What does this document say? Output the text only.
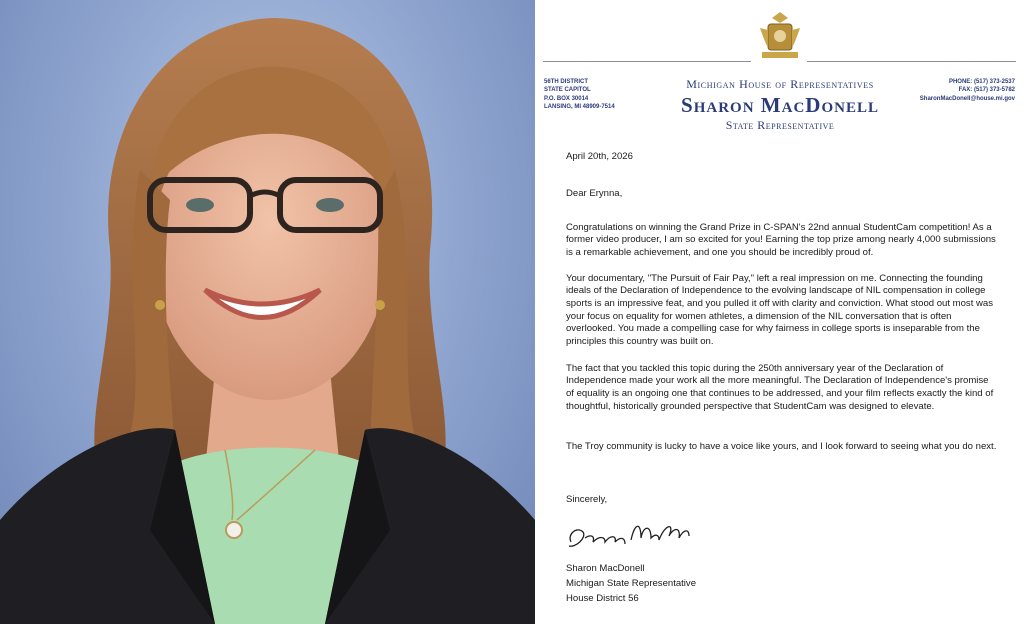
56TH DISTRICT
STATE CAPITOL
P.O. BOX 30014
LANSING, MI 48909-7514
PHONE: (517) 373-2537
FAX: (517) 373-5782
SharonMacDonell@house.mi.gov
Michigan House of Representatives
Sharon MacDonell
State Representative
April 20th, 2026
Dear Erynna,

Congratulations on winning the Grand Prize in C-SPAN's 22nd annual StudentCam competition! As a former video producer, I am so excited for you! Earning the top prize among nearly 4,000 submissions is a remarkable achievement, and one you should be incredibly proud of.

Your documentary, "The Pursuit of Fair Pay," left a real impression on me. Connecting the founding ideals of the Declaration of Independence to the evolving landscape of NIL compensation in college sports is an impressive feat, and you pulled it off with clarity and conviction. What stood out most was your focus on equality for women athletes, a dimension of the NIL conversation that is often overlooked. You made a compelling case for why fairness in college sports is inseparable from the principles this country was built on.

The fact that you tackled this topic during the 250th anniversary year of the Declaration of Independence made your work all the more meaningful. The Declaration of Independence's promise of equality is an ongoing one that continues to be addressed, and your film reflects exactly the kind of thoughtful, historically grounded perspective that StudentCam was designed to elevate.

The Troy community is lucky to have a voice like yours, and I look forward to seeing what you do next.

Sincerely,
Sharon MacDonell
Michigan State Representative
House District 56
